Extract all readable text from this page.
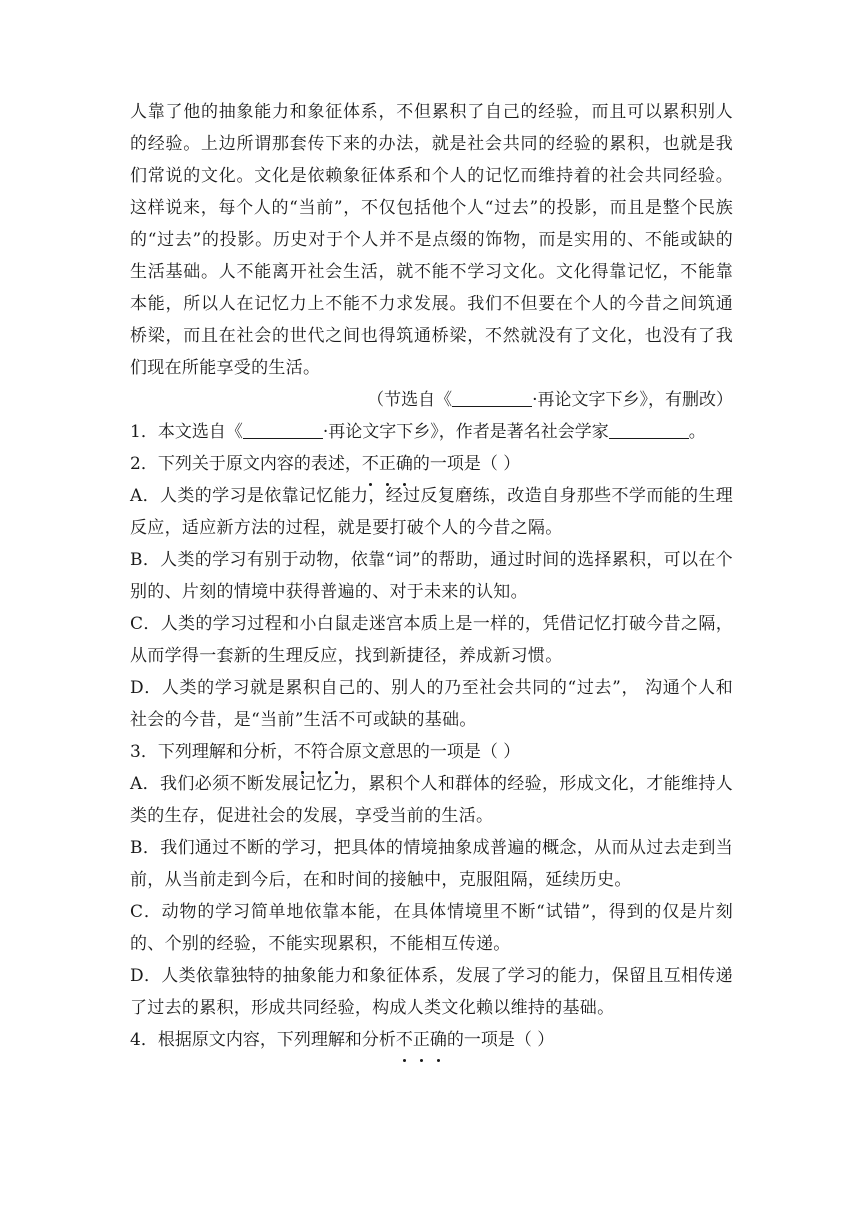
人靠了他的抽象能力和象征体系，不但累积了自己的经验，而且可以累积别人的经验。上边所谓那套传下来的办法，就是社会共同的经验的累积，也就是我们常说的文化。文化是依赖象征体系和个人的记忆而维持着的社会共同经验。这样说来，每个人的“当前”，不仅包括他个人“过去”的投影，而且是整个民族的“过去”的投影。历史对于个人并不是点缀的饰物，而是实用的、不能或缺的生活基础。人不能离开社会生活，就不能不学习文化。文化得靠记忆，不能靠本能，所以人在记忆力上不能不力求发展。我们不但要在个人的今昔之间筑通桥梁，而且在社会的世代之间也得筑通桥梁，不然就没有了文化，也没有了我们现在所能享受的生活。

（节选自《	·再论文字下乡》，有删改）

1．本文选自《	·再论文字下乡》，作者是著名社会学家	。

2．下列关于原文内容的表述，不正确的一项是（ ）

A．人类的学习是依靠记忆能力，经过反复磨练，改造自身那些不学而能的生理反应，适应新方法的过程，就是要打破个人的今昔之隔。

B．人类的学习有别于动物，依靠“词”的帮助，通过时间的选择累积，可以在个别的、片刻的情境中获得普遍的、对于未来的认知。

C．人类的学习过程和小白鼠走迷宫本质上是一样的，凭借记忆打破今昔之隔，从而学得一套新的生理反应，找到新捷径，养成新习惯。

D．人类的学习就是累积自己的、别人的乃至社会共同的“过去”， 沟通个人和社会的今昔，是“当前”生活不可或缺的基础。

3．下列理解和分析，不符合原文意思的一项是（ ）

A．我们必须不断发展记忆力，累积个人和群体的经验，形成文化，才能维持人类的生存，促进社会的发展，享受当前的生活。

B．我们通过不断的学习，把具体的情境抽象成普遍的概念，从而从过去走到当前，从当前走到今后，在和时间的接触中，克服阻隔，延续历史。

C．动物的学习简单地依靠本能，在具体情境里不断“试错”，得到的仅是片刻的、个别的经验，不能实现累积，不能相互传递。

D．人类依靠独特的抽象能力和象征体系，发展了学习的能力，保留且互相传递了过去的累积，形成共同经验，构成人类文化赖以维持的基础。

4．根据原文内容，下列理解和分析不正确的一项是（ ）
